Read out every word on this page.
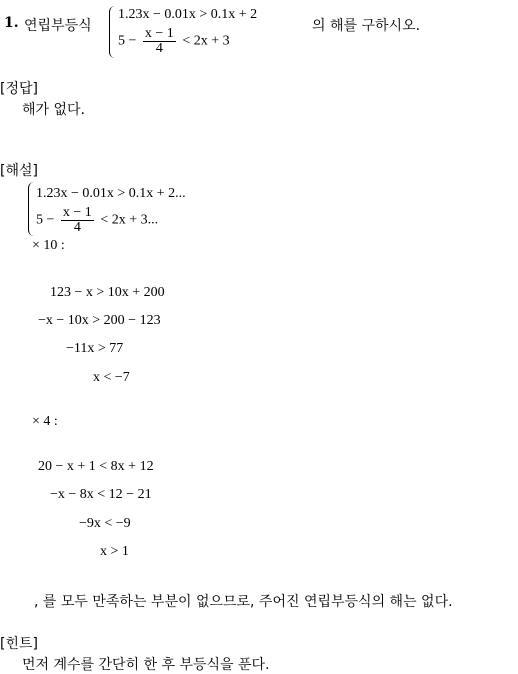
1. 연립부등식
1.23x − 0.01x > 0.1x + 2
$5 - \frac{x - 1}{4} < 2x + 3$
의 해를 구하시오.
[정답]
해가 없다.
[해설]
1.23x − 0.01x > 0.1x + 2...
$5 - \frac{x - 1}{4} < 2x + 3$...
× 10 :
123 − x > 10x + 200
−x − 10x > 200 − 123
−11x > 77
x < −7
× 4 :
20 − x + 1 < 8x + 12
−x − 8x < 12 − 21
−9x < −9
x > 1
, 를 모두 만족하는 부분이 없으므로, 주어진 연립부등식의 해는 없다.
[힌트]
먼저 계수를 간단히 한 후 부등식을 푼다.
